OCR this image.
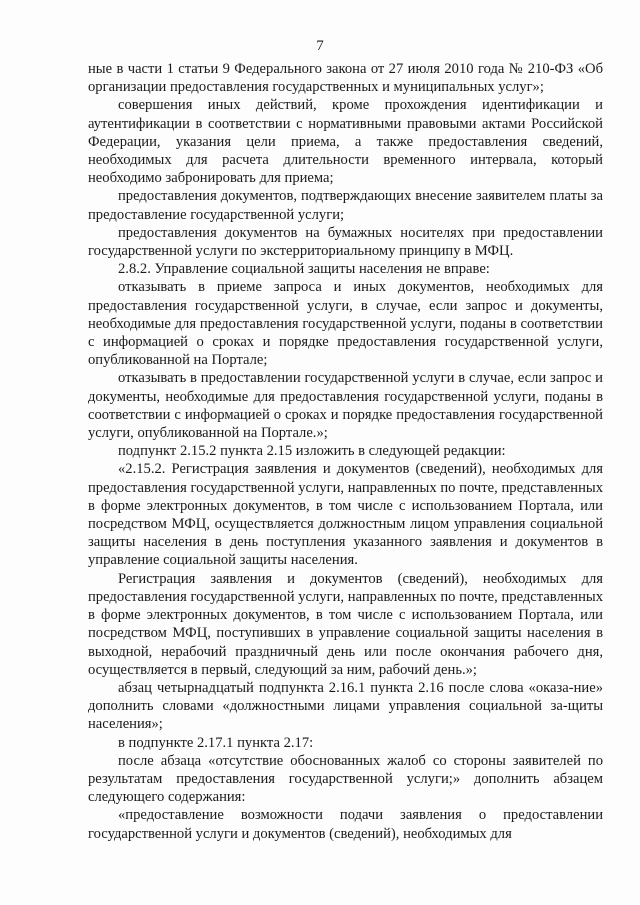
7

ные в части 1 статьи 9 Федерального закона от 27 июля 2010 года № 210-ФЗ «Об организации предоставления государственных и муниципальных услуг»;

совершения иных действий, кроме прохождения идентификации и аутентификации в соответствии с нормативными правовыми актами Российской Федерации, указания цели приема, а также предоставления сведений, необходимых для расчета длительности временного интервала, который необходимо забронировать для приема;

предоставления документов, подтверждающих внесение заявителем платы за предоставление государственной услуги;

предоставления документов на бумажных носителях при предоставлении государственной услуги по экстерриториальному принципу в МФЦ.

2.8.2. Управление социальной защиты населения не вправе:

отказывать в приеме запроса и иных документов, необходимых для предоставления государственной услуги, в случае, если запрос и документы, необходимые для предоставления государственной услуги, поданы в соответствии с информацией о сроках и порядке предоставления государственной услуги, опубликованной на Портале;

отказывать в предоставлении государственной услуги в случае, если запрос и документы, необходимые для предоставления государственной услуги, поданы в соответствии с информацией о сроках и порядке предоставления государственной услуги, опубликованной на Портале.»;

подпункт 2.15.2 пункта 2.15 изложить в следующей редакции:

«2.15.2. Регистрация заявления и документов (сведений), необходимых для предоставления государственной услуги, направленных по почте, представленных в форме электронных документов, в том числе с использованием Портала, или посредством МФЦ, осуществляется должностным лицом управления социальной защиты населения в день поступления указанного заявления и документов в управление социальной защиты населения.

Регистрация заявления и документов (сведений), необходимых для предоставления государственной услуги, направленных по почте, представленных в форме электронных документов, в том числе с использованием Портала, или посредством МФЦ, поступивших в управление социальной защиты населения в выходной, нерабочий праздничный день или после окончания рабочего дня, осуществляется в первый, следующий за ним, рабочий день.»;

абзац четырнадцатый подпункта 2.16.1 пункта 2.16 после слова «оказа-ние» дополнить словами «должностными лицами управления социальной за-щиты населения»;

в подпункте 2.17.1 пункта 2.17:

после абзаца «отсутствие обоснованных жалоб со стороны заявителей по результатам предоставления государственной услуги;» дополнить абзацем следующего содержания:

«предоставление возможности подачи заявления о предоставлении государственной услуги и документов (сведений), необходимых для
